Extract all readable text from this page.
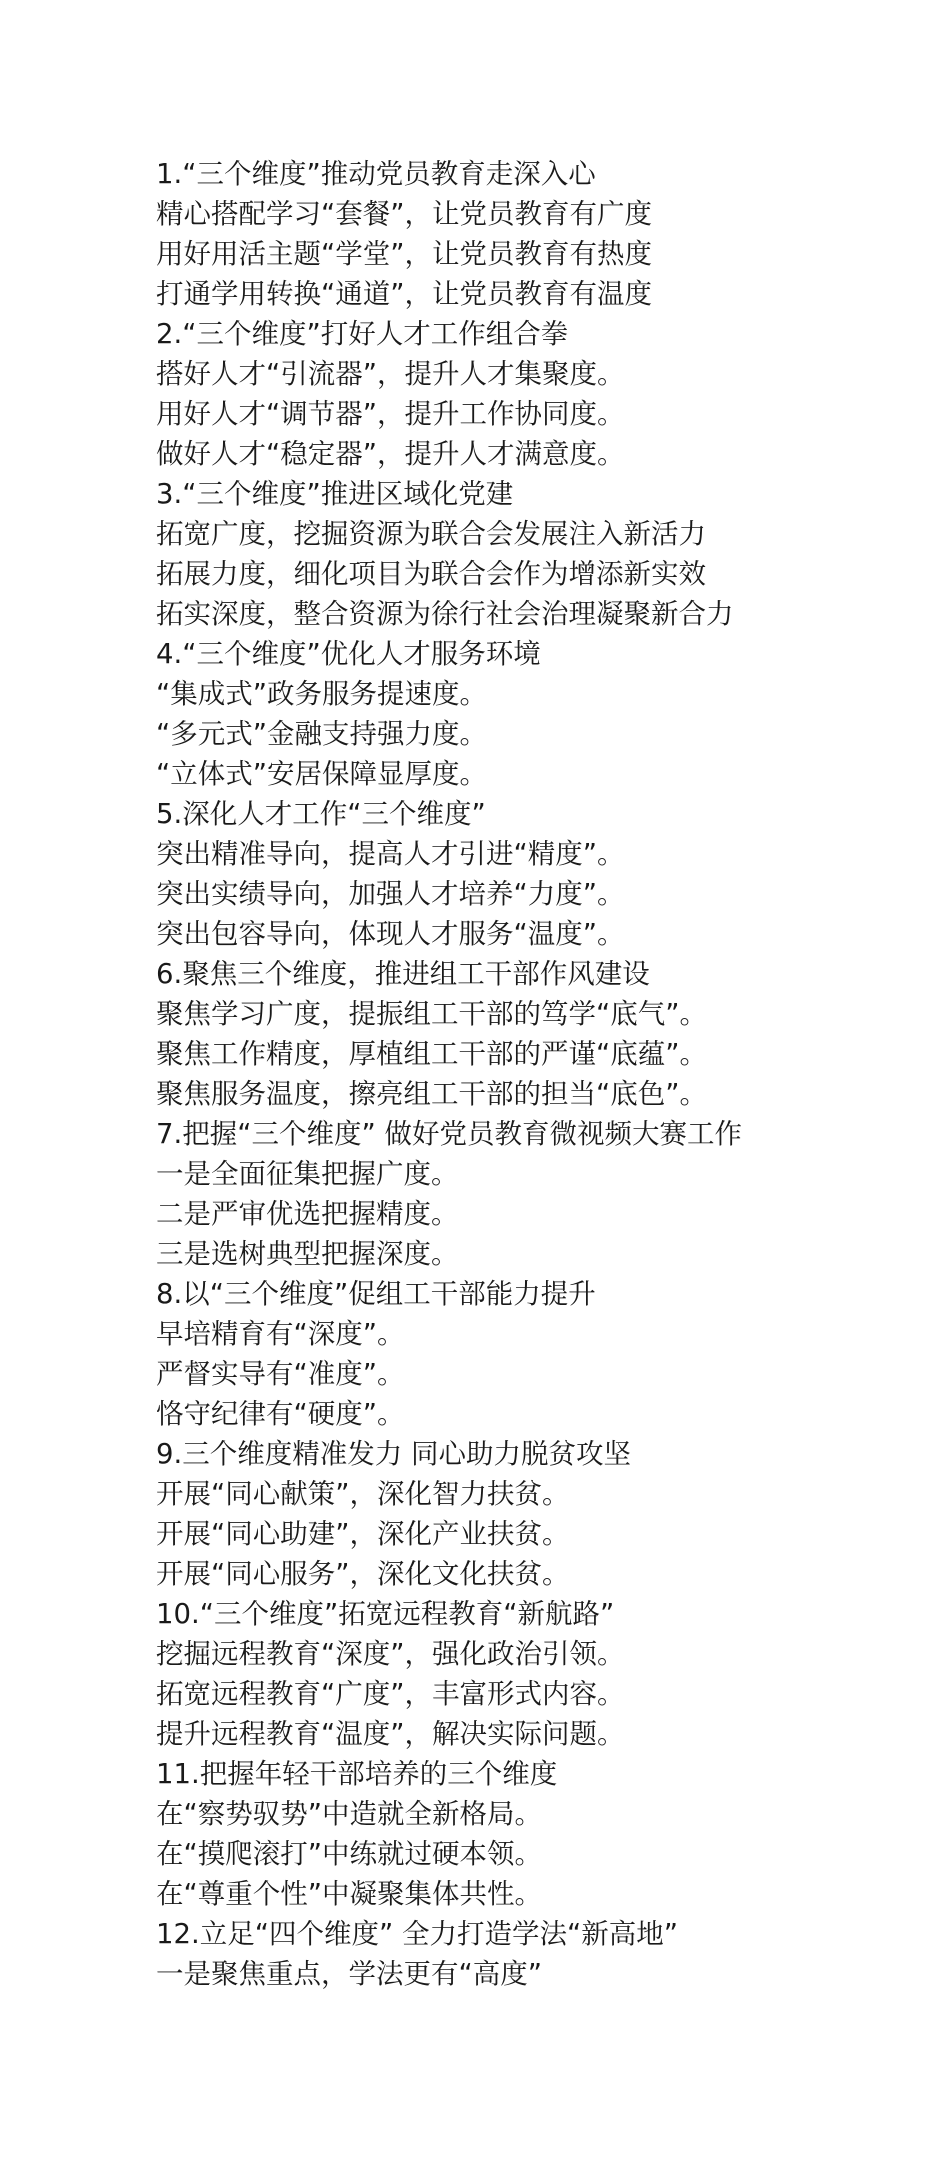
1.“三个维度”推动党员教育走深入心

精心搭配学习“套餐”，让党员教育有广度

用好用活主题“学堂”，让党员教育有热度

打通学用转换“通道”，让党员教育有温度

2.“三个维度”打好人才工作组合拳

搭好人才“引流器”，提升人才集聚度。

用好人才“调节器”，提升工作协同度。

做好人才“稳定器”，提升人才满意度。

3.“三个维度”推进区域化党建

拓宽广度，挖掘资源为联合会发展注入新活力

拓展力度，细化项目为联合会作为增添新实效

拓实深度，整合资源为徐行社会治理凝聚新合力

4.“三个维度”优化人才服务环境

“集成式”政务服务提速度。

“多元式”金融支持强力度。

“立体式”安居保障显厚度。

5.深化人才工作“三个维度”

突出精准导向，提高人才引进“精度”。

突出实绩导向，加强人才培养“力度”。

突出包容导向，体现人才服务“温度”。

6.聚焦三个维度，推进组工干部作风建设

聚焦学习广度，提振组工干部的笃学“底气”。

聚焦工作精度，厚植组工干部的严谨“底蕴”。

聚焦服务温度，擦亮组工干部的担当“底色”。

7.把握“三个维度” 做好党员教育微视频大赛工作

一是全面征集把握广度。

二是严审优选把握精度。

三是选树典型把握深度。

8.以“三个维度”促组工干部能力提升

早培精育有“深度”。

严督实导有“准度”。

恪守纪律有“硬度”。

9.三个维度精准发力 同心助力脱贫攻坚

开展“同心献策”，深化智力扶贫。

开展“同心助建”，深化产业扶贫。

开展“同心服务”，深化文化扶贫。

10.“三个维度”拓宽远程教育“新航路”

挖掘远程教育“深度”，强化政治引领。

拓宽远程教育“广度”，丰富形式内容。

提升远程教育“温度”，解决实际问题。

11.把握年轻干部培养的三个维度

在“察势驭势”中造就全新格局。

在“摸爬滚打”中练就过硬本领。

在“尊重个性”中凝聚集体共性。

12.立足“四个维度” 全力打造学法“新高地”

一是聚焦重点，学法更有“高度”
